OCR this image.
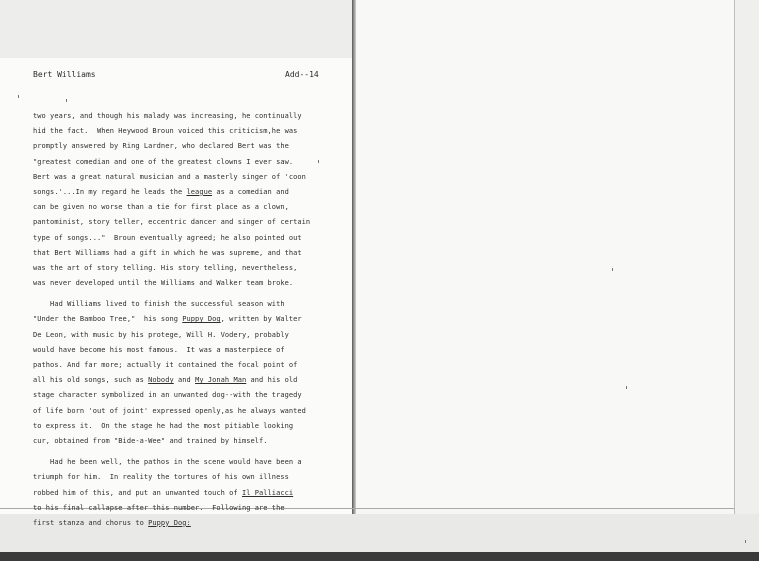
Bert Williams	Add--14
two years, and though his malady was increasing, he continually
hid the fact.  When Heywood Broun voiced this criticism,he was
promptly answered by Ring Lardner, who declared Bert was the
"greatest comedian and one of the greatest clowns I ever saw.
Bert was a great natural musician and a masterly singer of 'coon
songs.'...In my regard he leads the league as a comedian and
can be given no worse than a tie for first place as a clown,
pantominist, story teller, eccentric dancer and singer of certain
type of songs..."  Broun eventually agreed; he also pointed out
that Bert Williams had a gift in which he was supreme, and that
was the art of story telling. His story telling, nevertheless,
was never developed until the Williams and Walker team broke.
Had Williams lived to finish the successful season with
"Under the Bamboo Tree,"  his song Puppy Dog, written by Walter
De Leon, with music by his protege, Will H. Vodery, probably
would have become his most famous.  It was a masterpiece of
pathos. And far more; actually it contained the focal point of
all his old songs, such as Nobody and My Jonah Man and his old
stage character symbolized in an unwanted dog--with the tragedy
of life born 'out of joint' expressed openly,as he always wanted
to express it.  On the stage he had the most pitiable looking
cur, obtained from "Bide-a-Wee" and trained by himself.
Had he been well, the pathos in the scene would have been a
triumph for him.  In reality the tortures of his own illness
robbed him of this, and put an unwanted touch of Il Palliacci
to his final callapse after this number.  Following are the
first stanza and chorus to Puppy Dog:
